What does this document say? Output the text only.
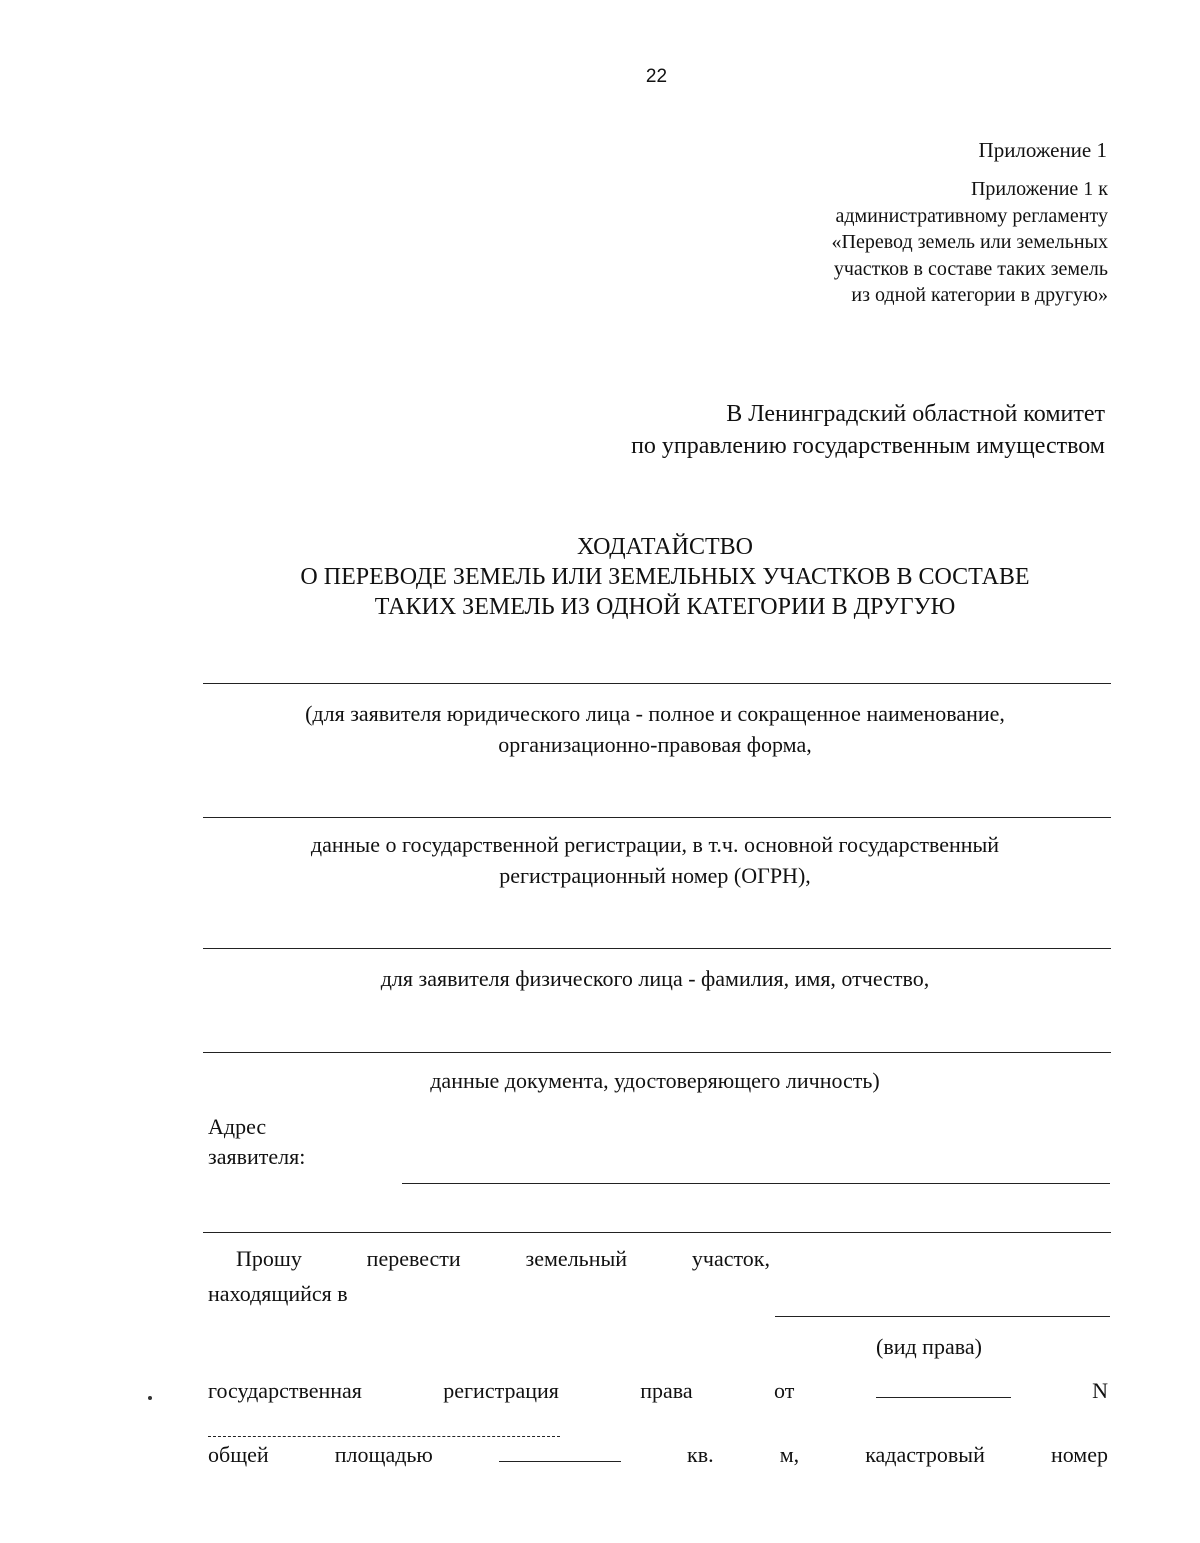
22
Приложение 1
Приложение 1 к
административному регламенту
«Перевод земель или земельных
участков в составе таких земель
из одной категории в другую»
В Ленинградский областной комитет
по управлению государственным имуществом
ХОДАТАЙСТВО
О ПЕРЕВОДЕ ЗЕМЕЛЬ ИЛИ ЗЕМЕЛЬНЫХ УЧАСТКОВ В СОСТАВЕ
ТАКИХ ЗЕМЕЛЬ ИЗ ОДНОЙ КАТЕГОРИИ В ДРУГУЮ
(для заявителя юридического лица - полное и сокращенное наименование,
организационно-правовая форма,
данные о государственной регистрации, в т.ч. основной государственный
регистрационный номер (ОГРН),
для заявителя физического лица - фамилия, имя, отчество,
данные документа, удостоверяющего личность)
Адрес
заявителя:
Прошу	перевести	земельный	участок,
находящийся в
(вид права)
государственная	регистрация	права	от	N
общей	площадью	кв.	м,	кадастровый	номер
